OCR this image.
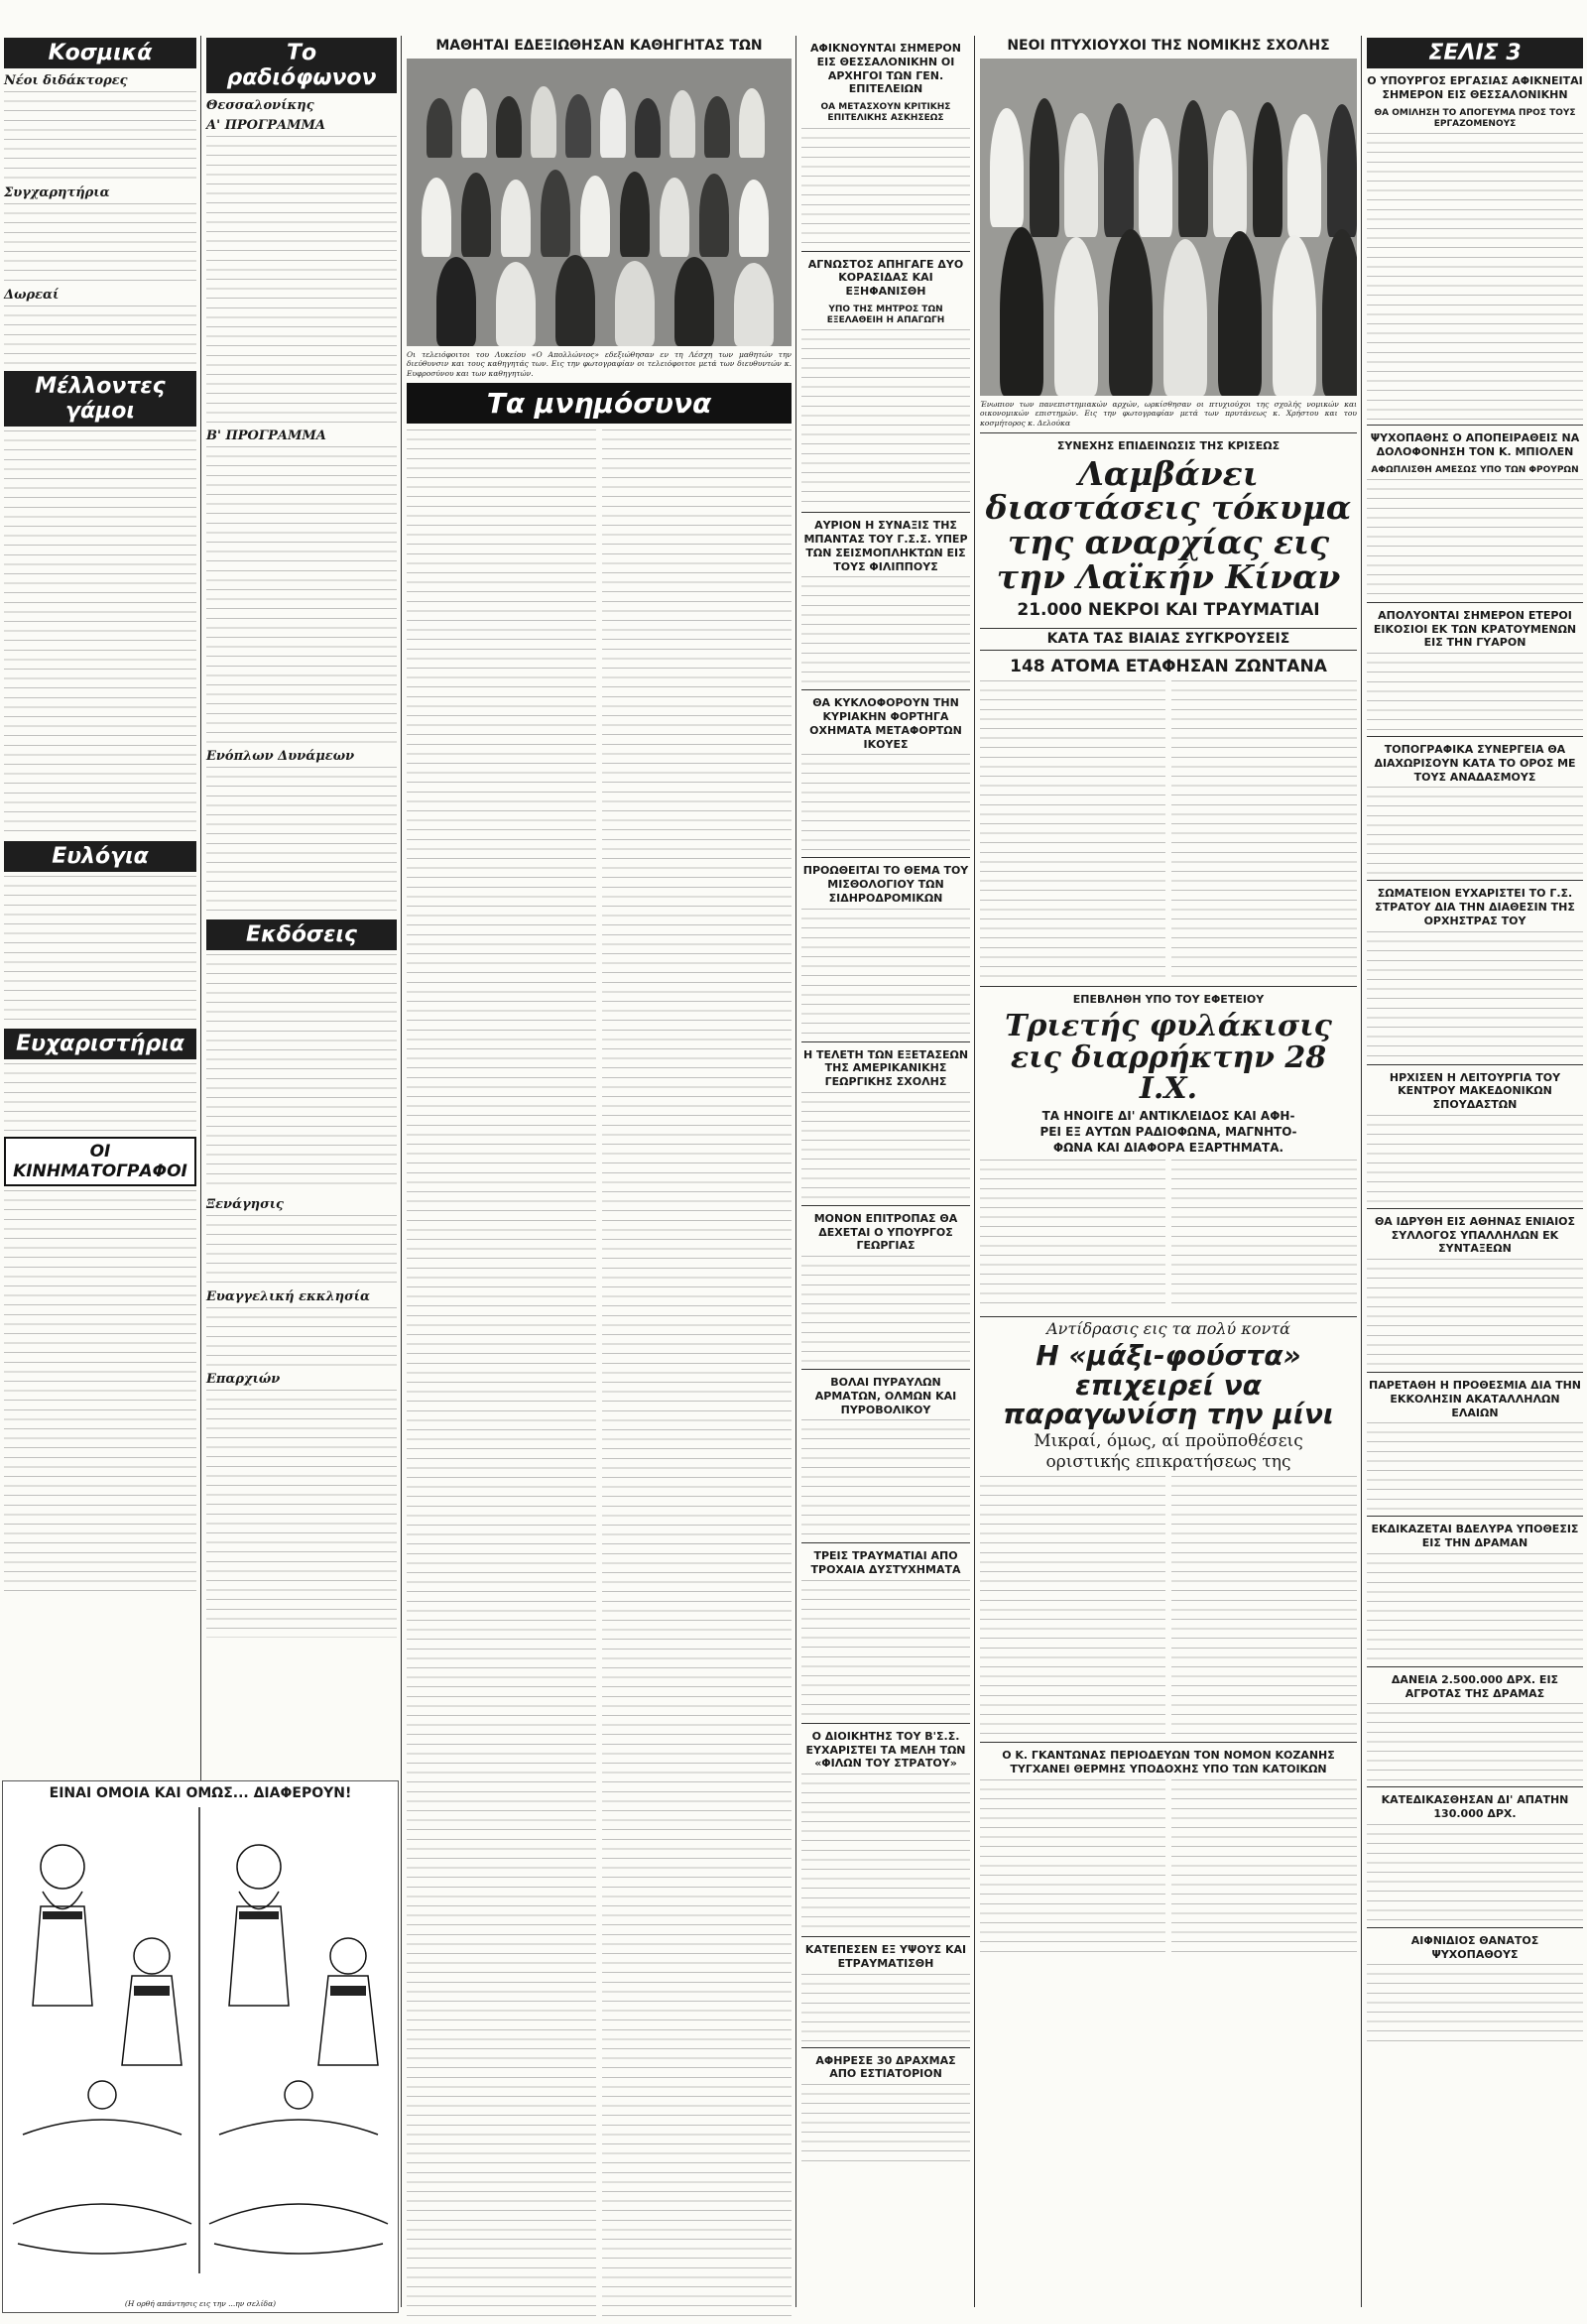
Κοσμικά
Νέοι διδάκτορες
Συγχαρητήρια
Δωρεαί
Μέλλοντες γάμοι
Ευλόγια
Ευχαριστήρια
ΟΙ ΚΙΝΗΜΑΤΟΓΡΑΦΟΙ
ΕΙΝΑΙ ΟΜΟΙΑ ΚΑΙ ΟΜΩΣ... ΔΙΑΦΕΡΟΥΝ!
(Η ορθή απάντησις εις την ...ην σελίδα)
Το ραδιόφωνον
Θεσσαλονίκης
Α' ΠΡΟΓΡΑΜΜΑ
Β' ΠΡΟΓΡΑΜΜΑ
Ενόπλων Δυνάμεων
Εκδόσεις
Ξενάγησις
Ευαγγελική εκκλησία
Επαρχιών
ΜΑΘΗΤΑΙ ΕΔΕΞΙΩΘΗΣΑΝ ΚΑΘΗΓΗΤΑΣ ΤΩΝ
Οι τελειόφοιτοι του Λυκείου «Ο Απολλώνιος» εδεξιώθησαν εν τη Λέσχη των μαθητών την διεύθυνσιν και τους καθηγητάς των. Εις την φωτογραφίαν οι τελειόφοιτοι μετά των διευθυντών κ. Ευφροσύνου και των καθηγητών.
Τα μνημόσυνα
ΑΦΙΚΝΟΥΝΤΑΙ ΣΗΜΕΡΟΝ ΕΙΣ ΘΕΣΣΑΛΟΝΙΚΗΝ ΟΙ ΑΡΧΗΓΟΙ ΤΩΝ ΓΕΝ. ΕΠΙΤΕΛΕΙΩΝ
ΟΑ ΜΕΤΑΣΧΟΥΝ ΚΡΙΤΙΚΗΣ ΕΠΙΤΕΛΙΚΗΣ ΑΣΚΗΣΕΩΣ
ΑΓΝΩΣΤΟΣ ΑΠΗΓΑΓΕ ΔΥΟ ΚΟΡΑΣΙΔΑΣ ΚΑΙ ΕΞΗΦΑΝΙΣΘΗ
ΥΠΟ ΤΗΣ ΜΗΤΡΟΣ ΤΩΝ ΕΞΕΛΑΘΕΙΗ Η ΑΠΑΓΩΓΗ
ΑΥΡΙΟΝ Η ΣΥΝΑΞΙΣ ΤΗΣ ΜΠΑΝΤΑΣ ΤΟΥ Γ.Σ.Σ. ΥΠΕΡ ΤΩΝ ΣΕΙΣΜΟΠΛΗΚΤΩΝ ΕΙΣ ΤΟΥΣ ΦΙΛΙΠΠΟΥΣ
ΘΑ ΚΥΚΛΟΦΟΡΟΥΝ ΤΗΝ ΚΥΡΙΑΚΗΝ ΦΟΡΤΗΓΑ ΟΧΗΜΑΤΑ ΜΕΤΑΦΟΡΤΩΝ ΙΚΟΥΕΣ
ΠΡΟΩΘΕΙΤΑΙ ΤΟ ΘΕΜΑ ΤΟΥ ΜΙΣΘΟΛΟΓΙΟΥ ΤΩΝ ΣΙΔΗΡΟΔΡΟΜΙΚΩΝ
Η ΤΕΛΕΤΗ ΤΩΝ ΕΞΕΤΑΣΕΩΝ ΤΗΣ ΑΜΕΡΙΚΑΝΙΚΗΣ ΓΕΩΡΓΙΚΗΣ ΣΧΟΛΗΣ
ΜΟΝΟΝ ΕΠΙΤΡΟΠΑΣ ΘΑ ΔΕΧΕΤΑΙ Ο ΥΠΟΥΡΓΟΣ ΓΕΩΡΓΙΑΣ
ΒΟΛΑΙ ΠΥΡΑΥΛΩΝ ΑΡΜΑΤΩΝ, ΟΛΜΩΝ ΚΑΙ ΠΥΡΟΒΟΛΙΚΟΥ
ΤΡΕΙΣ ΤΡΑΥΜΑΤΙΑΙ ΑΠΟ ΤΡΟΧΑΙΑ ΔΥΣΤΥΧΗΜΑΤΑ
Ο ΔΙΟΙΚΗΤΗΣ ΤΟΥ Β'Σ.Σ. ΕΥΧΑΡΙΣΤΕΙ ΤΑ ΜΕΛΗ ΤΩΝ «ΦΙΛΩΝ ΤΟΥ ΣΤΡΑΤΟΥ»
ΚΑΤΕΠΕΣΕΝ ΕΞ ΥΨΟΥΣ ΚΑΙ ΕΤΡΑΥΜΑΤΙΣΘΗ
ΑΦΗΡΕΣΕ 30 ΔΡΑΧΜΑΣ ΑΠΟ ΕΣΤΙΑΤΟΡΙΟΝ
ΝΕΟΙ ΠΤΥΧΙΟΥΧΟΙ ΤΗΣ ΝΟΜΙΚΗΣ ΣΧΟΛΗΣ
Ένωπιον των πανεπιστημιακών αρχών, ωρκίσθησαν οι πτυχιούχοι της σχολής νομικών και οικονομικών επιστημών. Εις την φωτογραφίαν μετά των πρυτάνεως κ. Χρήστου και του κοσμήτορος κ. Δελούκα
ΣΥΝΕΧΗΣ ΕΠΙΔΕΙΝΩΣΙΣ ΤΗΣ ΚΡΙΣΕΩΣ
Λαμβάνει διαστάσεις τόκυμα της αναρχίας εις την Λαϊκήν Κίναν
21.000 ΝΕΚΡΟΙ ΚΑΙ ΤΡΑΥΜΑΤΙΑΙ
ΚΑΤΑ ΤΑΣ ΒΙΑΙΑΣ ΣΥΓΚΡΟΥΣΕΙΣ
148 ΑΤΟΜΑ ΕΤΑΦΗΣΑΝ ΖΩΝΤΑΝΑ
ΕΠΕΒΛΗΘΗ ΥΠΟ ΤΟΥ ΕΦΕΤΕΙΟΥ
Τριετής φυλάκισις εις διαρρήκτην 28 Ι.Χ.
ΤΑ ΗΝΟΙΓΕ ΔΙ' ΑΝΤΙΚΛΕΙΔΟΣ ΚΑΙ ΑΦΗ-
ΡΕΙ ΕΞ ΑΥΤΩΝ ΡΑΔΙΟΦΩΝΑ, ΜΑΓΝΗΤΟ-
ΦΩΝΑ ΚΑΙ ΔΙΑΦΟΡΑ ΕΞΑΡΤΗΜΑΤΑ.
Αντίδρασις εις τα πολύ κοντά
Η «μάξι-φούστα» επιχειρεί να παραγωνίση την μίνι
Μικραί, όμως, αί πρoϋπoθέσεις
οριστικής επικρατήσεως της
Ο Κ. ΓΚΑΝΤΩΝΑΣ ΠΕΡΙΟΔΕΥΩΝ ΤΟΝ ΝΟΜΟΝ ΚΟΖΑΝΗΣ ΤΥΓΧΑΝΕΙ ΘΕΡΜΗΣ ΥΠΟΔΟΧΗΣ ΥΠΟ ΤΩΝ ΚΑΤΟΙΚΩΝ
ΣΕΛΙΣ 3
Ο ΥΠΟΥΡΓΟΣ ΕΡΓΑΣΙΑΣ ΑΦΙΚΝΕΙΤΑΙ ΣΗΜΕΡΟΝ ΕΙΣ ΘΕΣΣΑΛΟΝΙΚΗΝ
ΘΑ ΟΜΙΛΗΣΗ ΤΟ ΑΠΟΓΕΥΜΑ ΠΡΟΣ ΤΟΥΣ ΕΡΓΑΖΟΜΕΝΟΥΣ
ΨΥΧΟΠΑΘΗΣ Ο ΑΠΟΠΕΙΡΑΘΕΙΣ ΝΑ ΔΟΛΟΦΟΝΗΣΗ ΤΟΝ Κ. ΜΠΙΟΛΕΝ
ΑΦΩΠΛΙΣΘΗ ΑΜΕΣΩΣ ΥΠΟ ΤΩΝ ΦΡΟΥΡΩΝ
ΑΠΟΛΥΟΝΤΑΙ ΣΗΜΕΡΟΝ ΕΤΕΡΟΙ ΕΙΚΟΣΙΟΙ ΕΚ ΤΩΝ ΚΡΑΤΟΥΜΕΝΩΝ ΕΙΣ ΤΗΝ ΓΥΑΡΟΝ
ΤΟΠΟΓΡΑΦΙΚΑ ΣΥΝΕΡΓΕΙΑ ΘΑ ΔΙΑΧΩΡΙΣΟΥΝ ΚΑΤΑ ΤΟ ΟΡΟΣ ΜΕ ΤΟΥΣ ΑΝΑΔΑΣΜΟΥΣ
ΣΩΜΑΤΕΙΟΝ ΕΥΧΑΡΙΣΤΕΙ ΤΟ Γ.Σ. ΣΤΡΑΤΟΥ ΔΙΑ ΤΗΝ ΔΙΑΘΕΣΙΝ ΤΗΣ ΟΡΧΗΣΤΡΑΣ ΤΟΥ
ΗΡΧΙΣΕΝ Η ΛΕΙΤΟΥΡΓΙΑ ΤΟΥ ΚΕΝΤΡΟΥ ΜΑΚΕΔΟΝΙΚΩΝ ΣΠΟΥΔΑΣΤΩΝ
ΘΑ ΙΔΡΥΘΗ ΕΙΣ ΑΘΗΝΑΣ ΕΝΙΑΙΟΣ ΣΥΛΛΟΓΟΣ ΥΠΑΛΛΗΛΩΝ ΕΚ ΣΥΝΤΑΞΕΩΝ
ΠΑΡΕΤΑΘΗ Η ΠΡΟΘΕΣΜΙΑ ΔΙΑ ΤΗΝ ΕΚΚΟΛΗΣΙΝ ΑΚΑΤΑΛΛΗΛΩΝ ΕΛΑΙΩΝ
ΕΚΔΙΚΑΖΕΤΑΙ ΒΔΕΛΥΡΑ ΥΠΟΘΕΣΙΣ ΕΙΣ ΤΗΝ ΔΡΑΜΑΝ
ΔΑΝΕΙΑ 2.500.000 ΔΡΧ. ΕΙΣ ΑΓΡΟΤΑΣ ΤΗΣ ΔΡΑΜΑΣ
ΚΑΤΕΔΙΚΑΣΘΗΣΑΝ ΔΙ' ΑΠΑΤΗΝ 130.000 ΔΡΧ.
ΑΙΦΝΙΔΙΟΣ ΘΑΝΑΤΟΣ ΨΥΧΟΠΑΘΟΥΣ
